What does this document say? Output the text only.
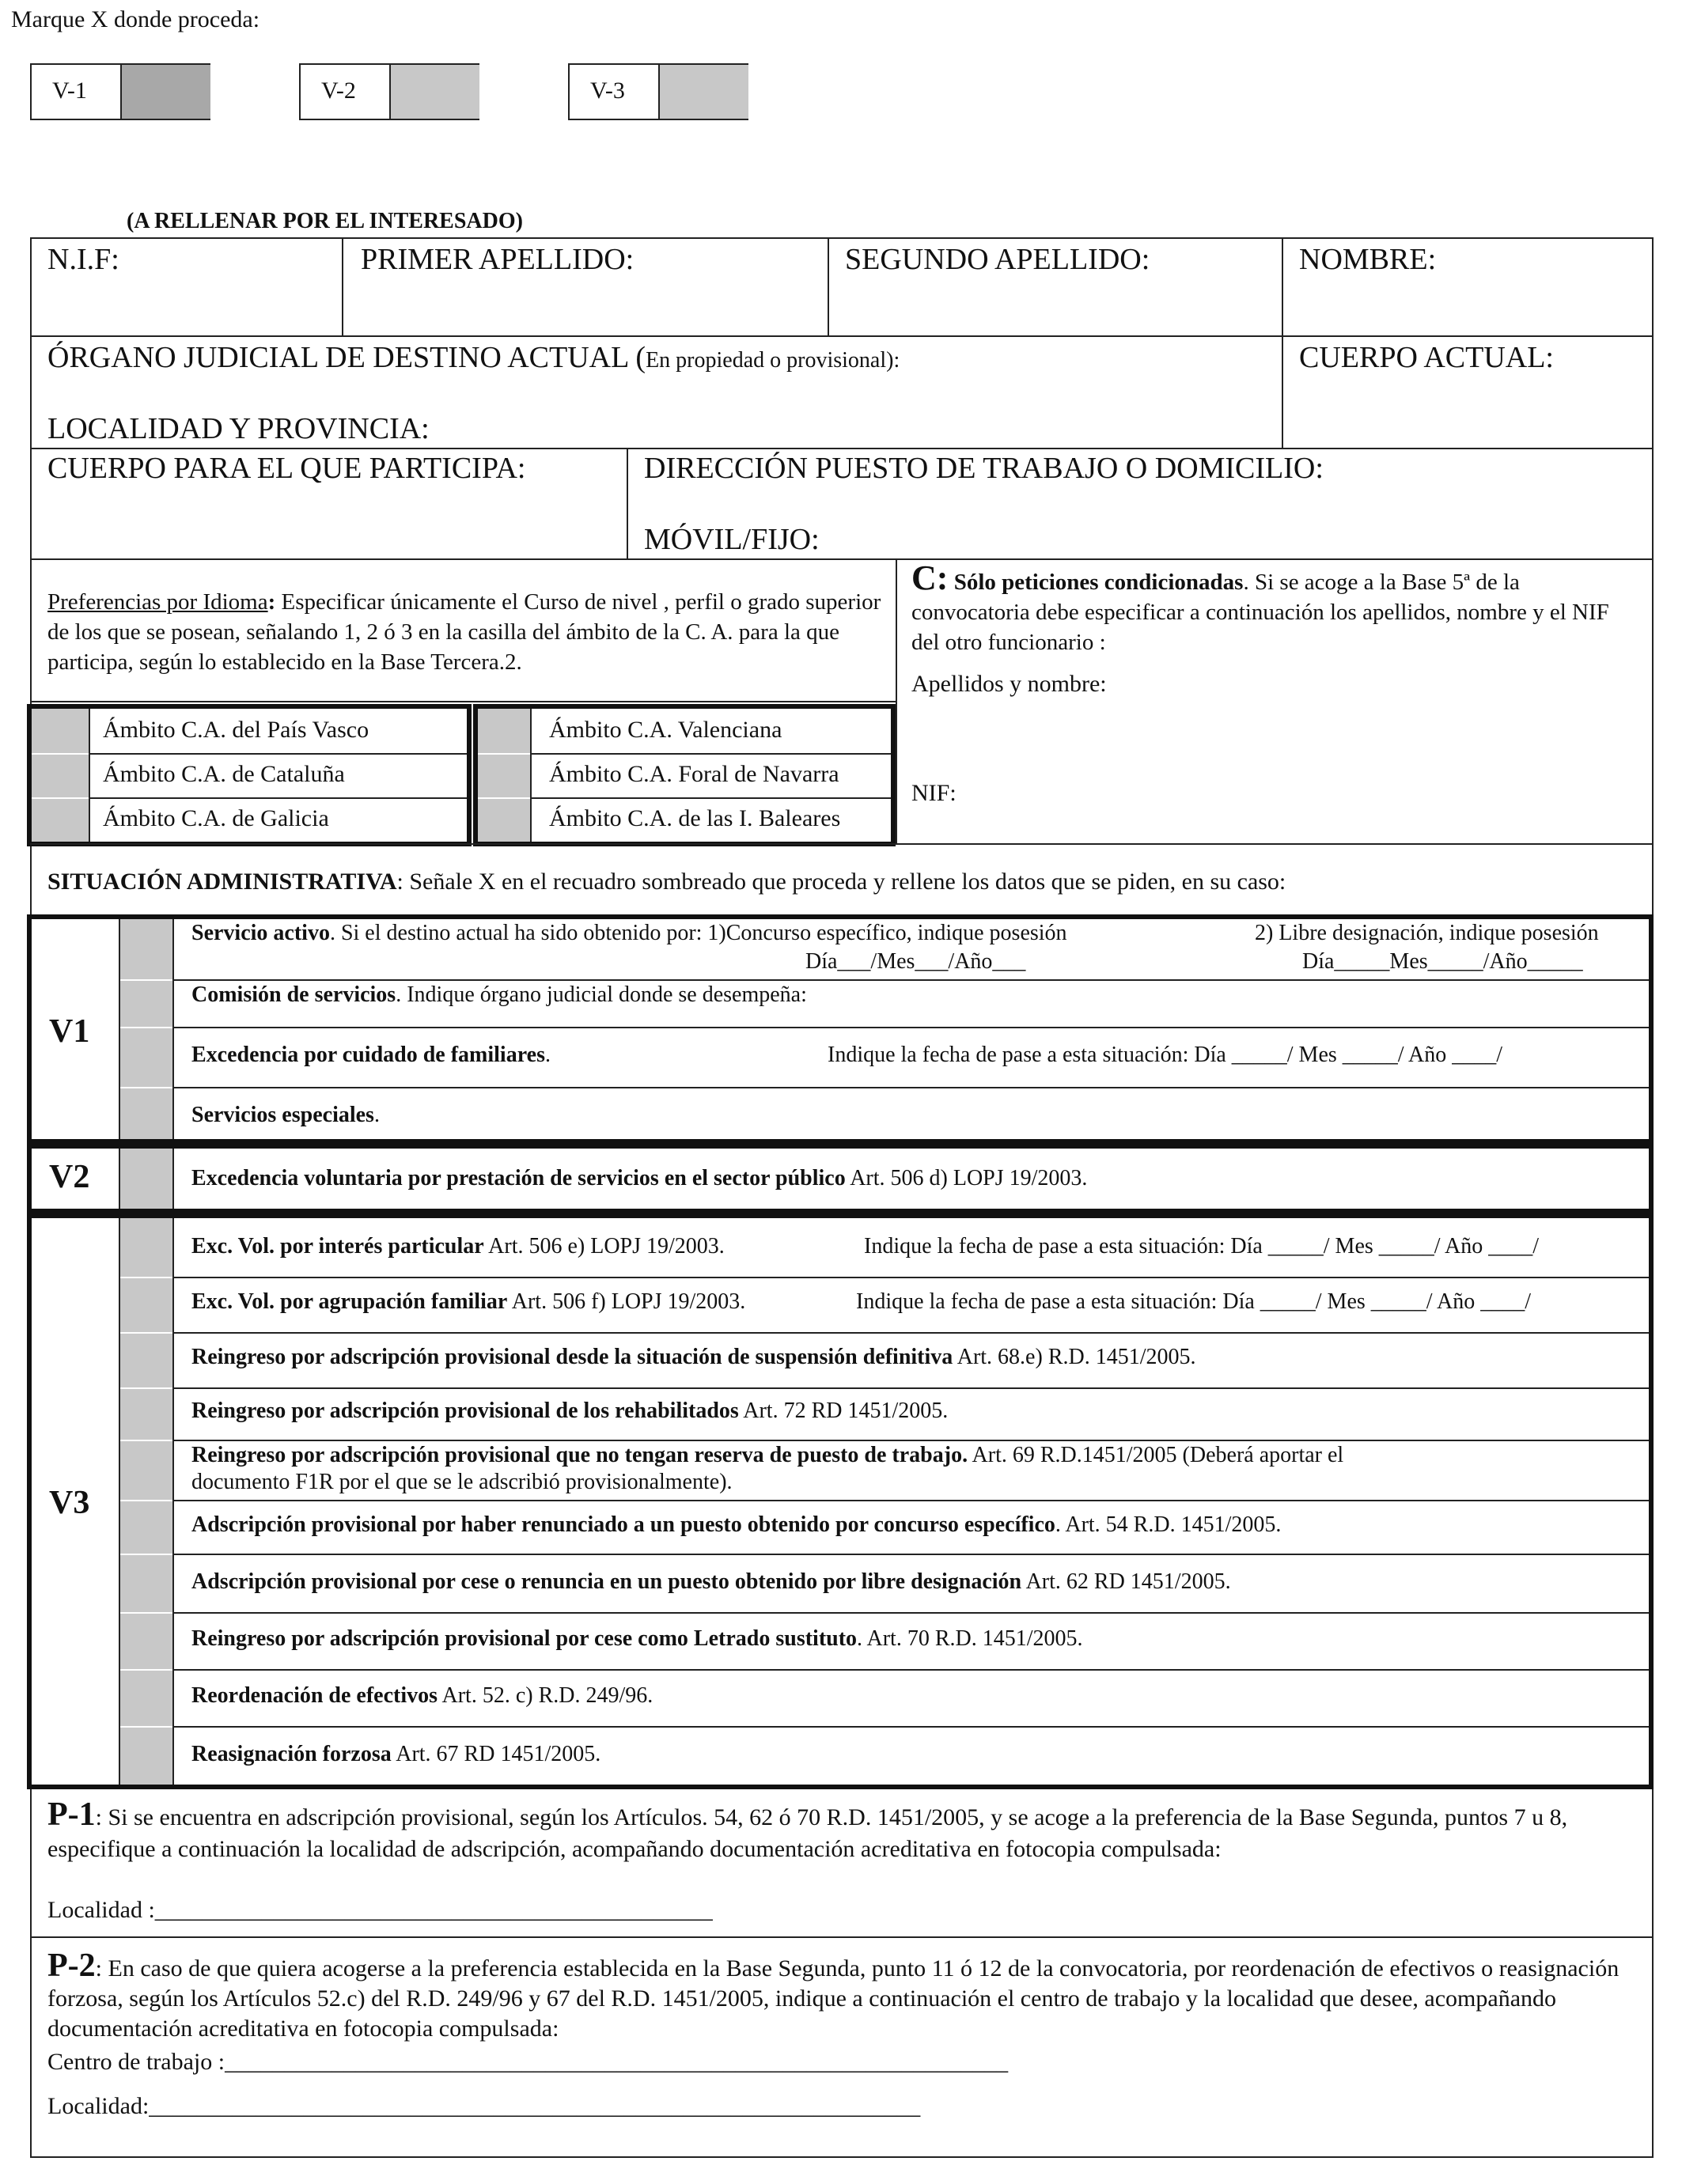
Marque X donde proceda:
V-1	V-2	V-3
(A RELLENAR POR EL INTERESADO)
N.I.F:	PRIMER APELLIDO:	SEGUNDO APELLIDO:	NOMBRE:
ÓRGANO JUDICIAL DE DESTINO ACTUAL (En propiedad o provisional):	CUERPO ACTUAL:
LOCALIDAD Y PROVINCIA:
CUERPO PARA EL QUE PARTICIPA:	DIRECCIÓN PUESTO DE TRABAJO O DOMICILIO:
MÓVIL/FIJO:
Preferencias por Idioma: Especificar únicamente el Curso de nivel , perfil o grado superior de los que se posean, señalando 1, 2 ó 3 en la casilla del ámbito de la C. A. para la que participa, según lo establecido en la Base Tercera.2.
Ámbito C.A. del País Vasco
Ámbito C.A. de Cataluña
Ámbito C.A. de Galicia
Ámbito C.A. Valenciana
Ámbito C.A. Foral de Navarra
Ámbito C.A. de las I. Baleares
C: Sólo peticiones condicionadas. Si se acoge a la Base 5ª de la convocatoria debe especificar a continuación los apellidos, nombre y el NIF del otro funcionario :
Apellidos y nombre:
NIF:
SITUACIÓN ADMINISTRATIVA: Señale X en el recuadro sombreado que proceda y rellene los datos que se piden, en su caso:
V1
Servicio activo. Si el destino actual ha sido obtenido por: 1)Concurso específico, indique posesión	2) Libre designación, indique posesión
Día___/Mes___/Año___	Día_____Mes_____/Año_____
Comisión de servicios. Indique órgano judicial donde se desempeña:
Excedencia por cuidado de familiares.	Indique la fecha de pase a esta situación: Día _____/ Mes _____/ Año ____/
Servicios especiales.
V2	Excedencia voluntaria por prestación de servicios en el sector público Art. 506 d) LOPJ 19/2003.
V3
Exc. Vol. por interés particular Art. 506 e) LOPJ 19/2003.	Indique la fecha de pase a esta situación: Día _____/ Mes _____/ Año ____/
Exc. Vol. por agrupación familiar Art. 506 f) LOPJ 19/2003.	Indique la fecha de pase a esta situación: Día _____/ Mes _____/ Año ____/
Reingreso por adscripción provisional desde la situación de suspensión definitiva Art. 68.e) R.D. 1451/2005.
Reingreso por adscripción provisional de los rehabilitados Art. 72 RD 1451/2005.
Reingreso por adscripción provisional que no tengan reserva de puesto de trabajo. Art. 69 R.D.1451/2005 (Deberá aportar el
documento F1R por el que se le adscribió provisionalmente).
Adscripción provisional por haber renunciado a un puesto obtenido por concurso específico. Art. 54 R.D. 1451/2005.
Adscripción provisional por cese o renuncia en un puesto obtenido por libre designación Art. 62 RD 1451/2005.
Reingreso por adscripción provisional por cese como Letrado sustituto. Art. 70 R.D. 1451/2005.
Reordenación de efectivos Art. 52. c) R.D. 249/96.
Reasignación forzosa Art. 67 RD 1451/2005.
P-1: Si se encuentra en adscripción provisional, según los Artículos. 54, 62 ó 70 R.D. 1451/2005, y se acoge a la preferencia de la Base Segunda, puntos 7 u 8, especifique a continuación la localidad de adscripción, acompañando documentación acreditativa en fotocopia compulsada:
Localidad :_______________________________________________
P-2: En caso de que quiera acogerse a la preferencia establecida en la Base Segunda, punto 11 ó 12 de la convocatoria, por reordenación de efectivos o reasignación forzosa, según los Artículos 52.c) del R.D. 249/96 y 67 del R.D. 1451/2005, indique a continuación el centro de trabajo y la localidad que desee, acompañando documentación acreditativa en fotocopia compulsada:
Centro de trabajo :__________________________________________________________________
Localidad:_________________________________________________________________
